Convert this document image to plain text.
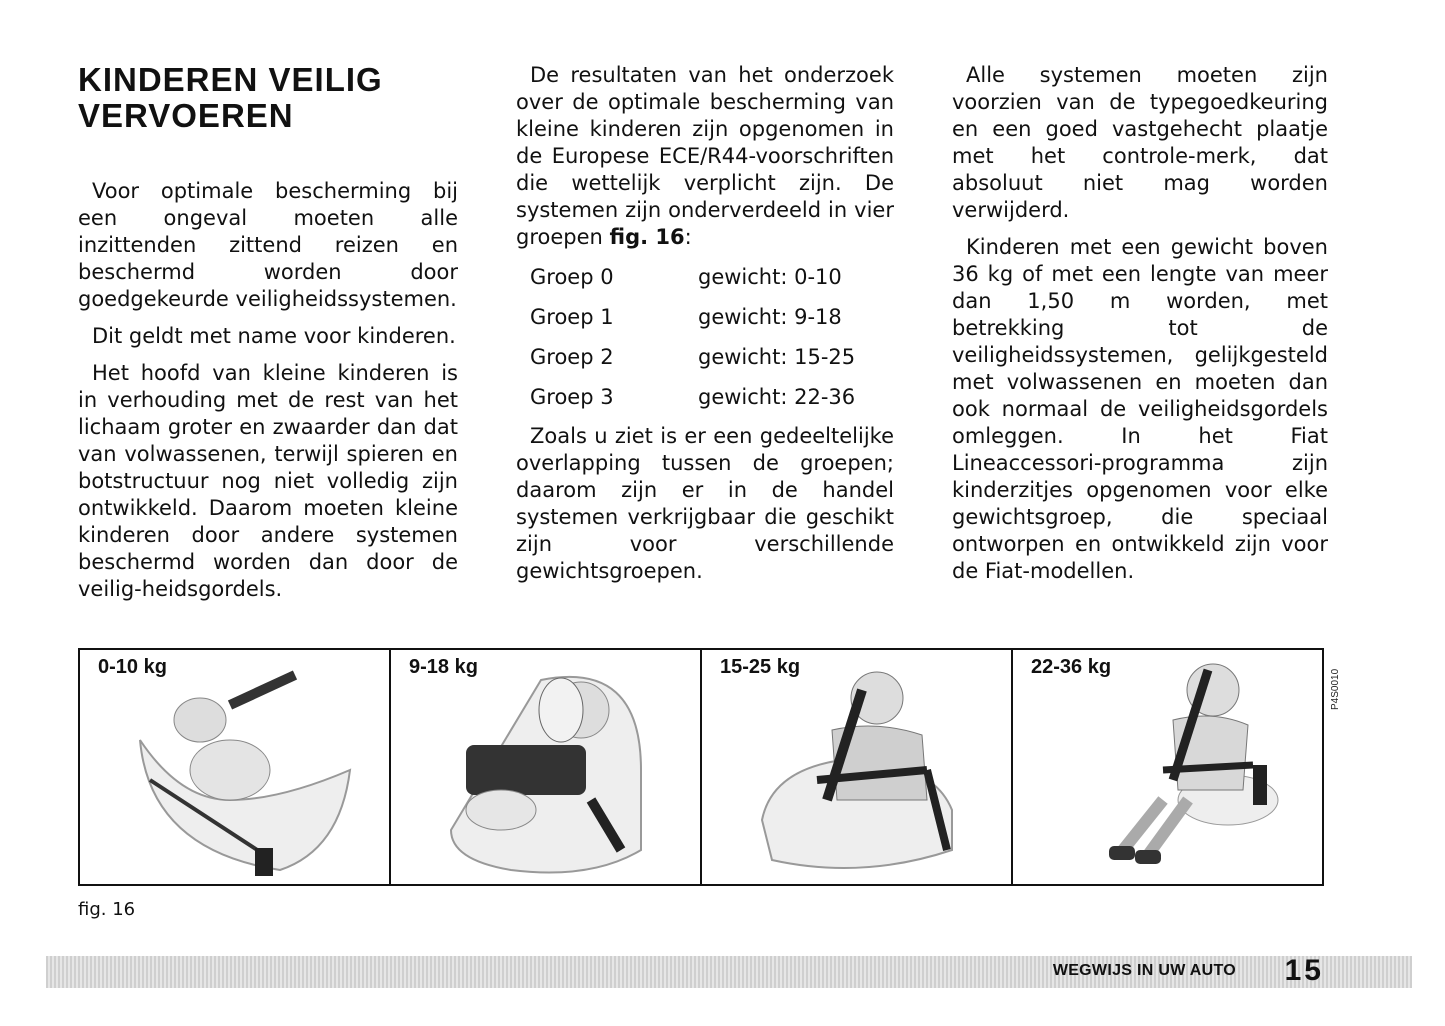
KINDEREN VEILIG
VERVOEREN

Voor optimale bescherming bij een ongeval moeten alle inzittenden zittend reizen en beschermd worden door goedgekeurde veiligheidssystemen.

Dit geldt met name voor kinderen.

Het hoofd van kleine kinderen is in verhouding met de rest van het lichaam groter en zwaarder dan dat van volwassenen, terwijl spieren en botstructuur nog niet volledig zijn ontwikkeld. Daarom moeten kleine kinderen door andere systemen beschermd worden dan door de veilig-heidsgordels.

De resultaten van het onderzoek over de optimale bescherming van kleine kinderen zijn opgenomen in de Europese ECE/R44-voorschriften die wettelijk verplicht zijn. De systemen zijn onderverdeeld in vier groepen fig. 16:

Groep 0	gewicht: 0-10
Groep 1	gewicht: 9-18
Groep 2	gewicht: 15-25
Groep 3	gewicht: 22-36

Zoals u ziet is er een gedeeltelijke overlapping tussen de groepen; daarom zijn er in de handel systemen verkrijgbaar die geschikt zijn voor verschillende gewichtsgroepen.

Alle systemen moeten zijn voorzien van de typegoedkeuring en een goed vastgehecht plaatje met het controle-merk, dat absoluut niet mag worden verwijderd.

Kinderen met een gewicht boven 36 kg of met een lengte van meer dan 1,50 m worden, met betrekking tot de veiligheidssystemen, gelijkgesteld met volwassenen en moeten dan ook normaal de veiligheidsgordels omleggen. In het Fiat Lineaccessori-programma zijn kinderzitjes opgenomen voor elke gewichtsgroep, die speciaal ontworpen en ontwikkeld zijn voor de Fiat-modellen.

0-10 kg	9-18 kg	15-25 kg	22-36 kg
P4S0010
fig. 16
WEGWIJS IN UW AUTO 15
